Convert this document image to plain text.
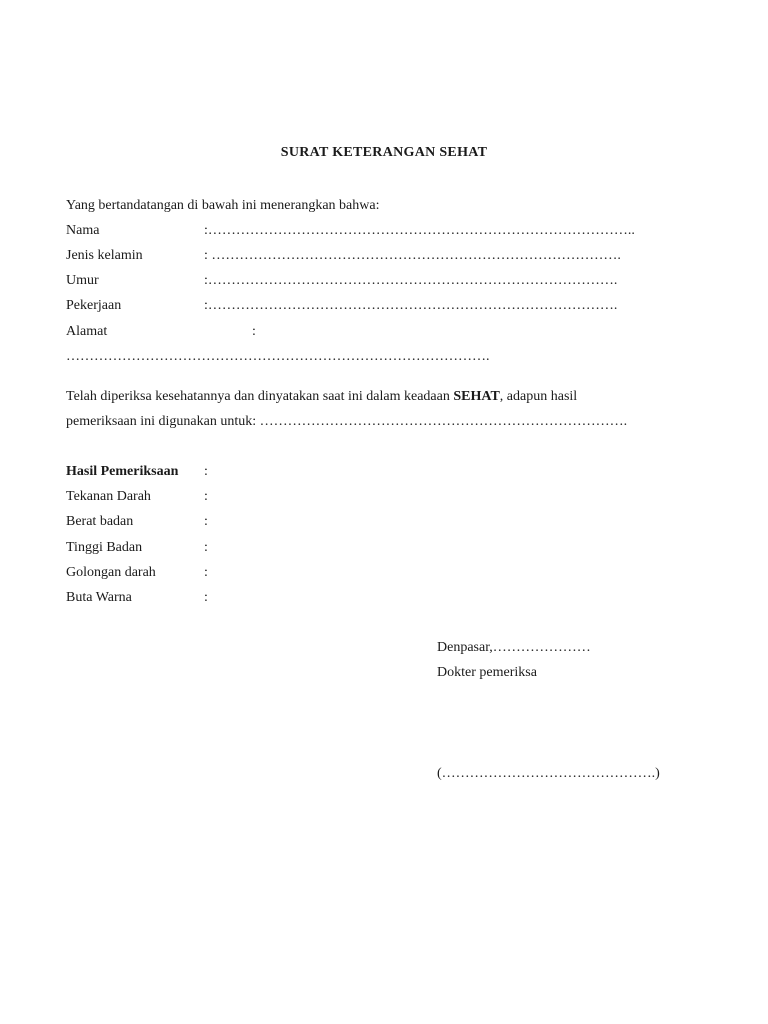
SURAT KETERANGAN SEHAT
Yang bertandatangan di bawah ini menerangkan bahwa:
Nama	:………………………………………………………………………………..
Jenis kelamin	: …………………………………………………………………………….
Umur	:…………………………………………………………………………….
Pekerjaan	:…………………………………………………………………………….
Alamat	:
……………………………………………………………………………….
Telah diperiksa kesehatannya dan dinyatakan saat ini dalam keadaan SEHAT, adapun hasil
pemeriksaan ini digunakan untuk: …………………………………………………………………….
Hasil Pemeriksaan :
Tekanan Darah	:
Berat badan	:
Tinggi Badan	:
Golongan darah	:
Buta Warna	:
Denpasar,…………………
Dokter pemeriksa
(……………………………………….)
